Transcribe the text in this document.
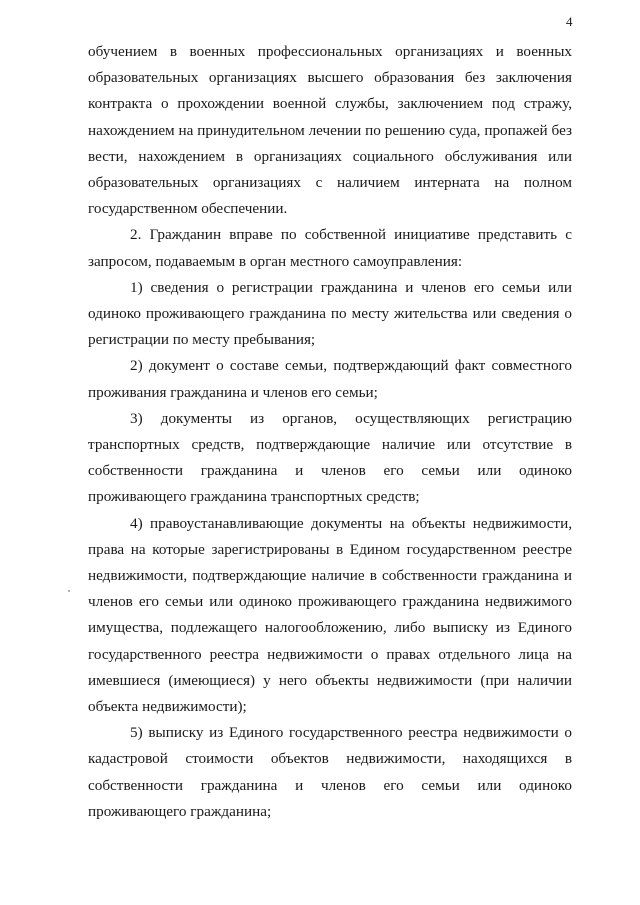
4

обучением в военных профессиональных организациях и военных образовательных организациях высшего образования без заключения контракта о прохождении военной службы, заключением под стражу, нахождением на принудительном лечении по решению суда, пропажей без вести, нахождением в организациях социального обслуживания или образовательных организациях с наличием интерната на полном государственном обеспечении.

2. Гражданин вправе по собственной инициативе представить с запросом, подаваемым в орган местного самоуправления:

1) сведения о регистрации гражданина и членов его семьи или одиноко проживающего гражданина по месту жительства или сведения о регистрации по месту пребывания;

2) документ о составе семьи, подтверждающий факт совместного проживания гражданина и членов его семьи;

3) документы из органов, осуществляющих регистрацию транспортных средств, подтверждающие наличие или отсутствие в собственности гражданина и членов его семьи или одиноко проживающего гражданина транспортных средств;

4) правоустанавливающие документы на объекты недвижимости, права на которые зарегистрированы в Едином государственном реестре недвижимости, подтверждающие наличие в собственности гражданина и членов его семьи или одиноко проживающего гражданина недвижимого имущества, подлежащего налогообложению, либо выписку из Единого государственного реестра недвижимости о правах отдельного лица на имевшиеся (имеющиеся) у него объекты недвижимости (при наличии объекта недвижимости);

5) выписку из Единого государственного реестра недвижимости о кадастровой стоимости объектов недвижимости, находящихся в собственности гражданина и членов его семьи или одиноко проживающего гражданина;
